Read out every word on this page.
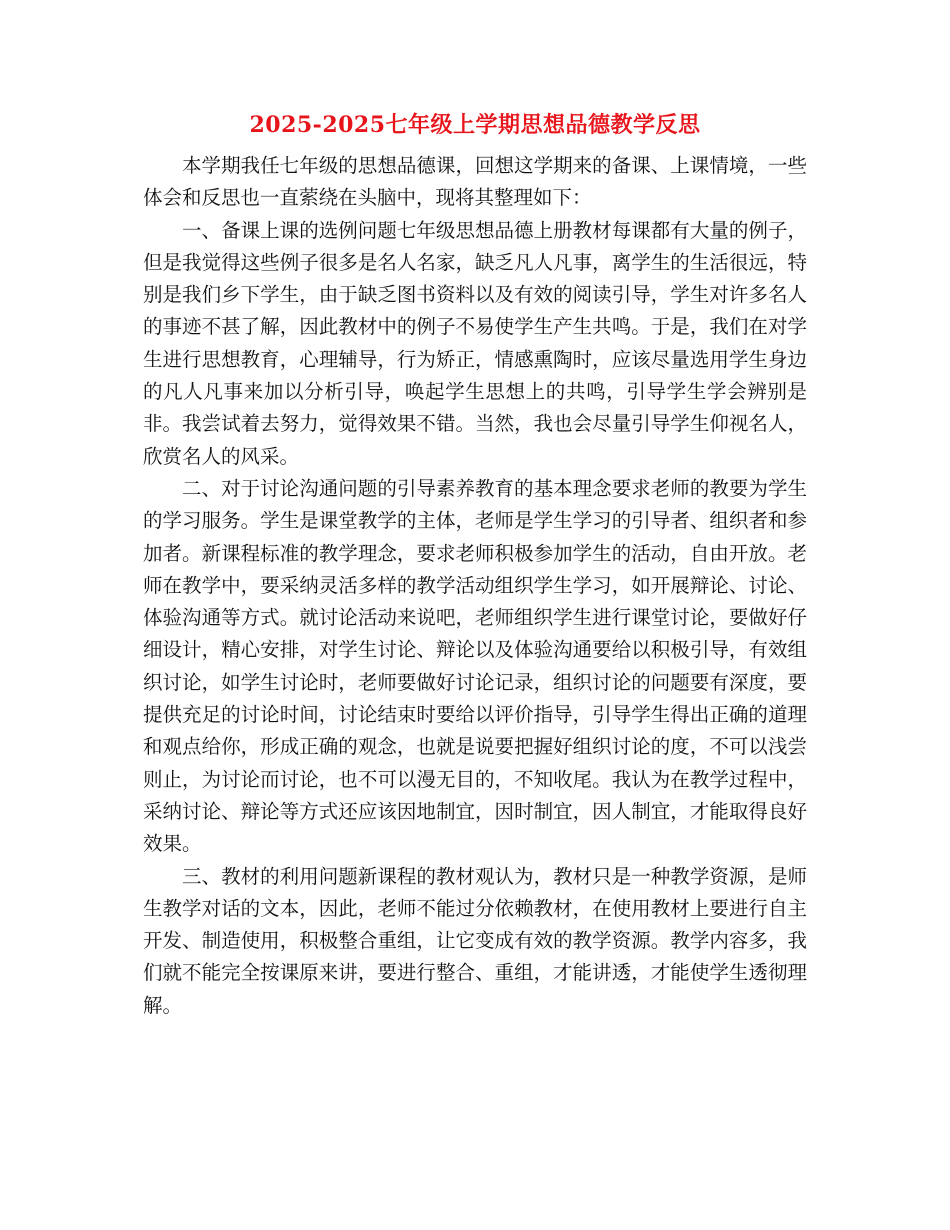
2025-2025七年级上学期思想品德教学反思

本学期我任七年级的思想品德课，回想这学期来的备课、上课情境，一些体会和反思也一直萦绕在头脑中，现将其整理如下：

一、备课上课的选例问题七年级思想品德上册教材每课都有大量的例子，但是我觉得这些例子很多是名人名家，缺乏凡人凡事，离学生的生活很远，特别是我们乡下学生，由于缺乏图书资料以及有效的阅读引导，学生对许多名人的事迹不甚了解，因此教材中的例子不易使学生产生共鸣。于是，我们在对学生进行思想教育，心理辅导，行为矫正，情感熏陶时，应该尽量选用学生身边的凡人凡事来加以分析引导，唤起学生思想上的共鸣，引导学生学会辨别是非。我尝试着去努力，觉得效果不错。当然，我也会尽量引导学生仰视名人，欣赏名人的风采。

二、对于讨论沟通问题的引导素养教育的基本理念要求老师的教要为学生的学习服务。学生是课堂教学的主体，老师是学生学习的引导者、组织者和参加者。新课程标准的教学理念，要求老师积极参加学生的活动，自由开放。老师在教学中，要采纳灵活多样的教学活动组织学生学习，如开展辩论、讨论、体验沟通等方式。就讨论活动来说吧，老师组织学生进行课堂讨论，要做好仔细设计，精心安排，对学生讨论、辩论以及体验沟通要给以积极引导，有效组织讨论，如学生讨论时，老师要做好讨论记录，组织讨论的问题要有深度，要提供充足的讨论时间，讨论结束时要给以评价指导，引导学生得出正确的道理和观点给你，形成正确的观念，也就是说要把握好组织讨论的度，不可以浅尝则止，为讨论而讨论，也不可以漫无目的，不知收尾。我认为在教学过程中，采纳讨论、辩论等方式还应该因地制宜，因时制宜，因人制宜，才能取得良好效果。

三、教材的利用问题新课程的教材观认为，教材只是一种教学资源，是师生教学对话的文本，因此，老师不能过分依赖教材，在使用教材上要进行自主开发、制造使用，积极整合重组，让它变成有效的教学资源。教学内容多，我们就不能完全按课原来讲，要进行整合、重组，才能讲透，才能使学生透彻理解。
